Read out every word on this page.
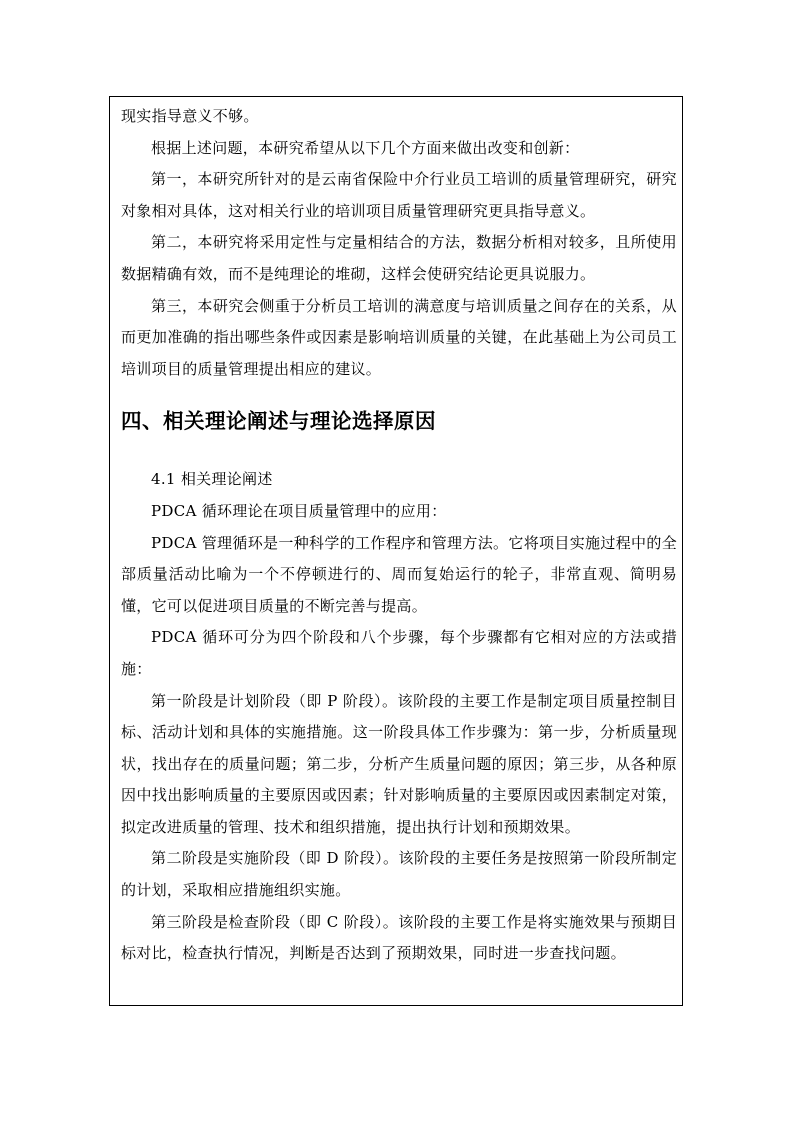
现实指导意义不够。

根据上述问题，本研究希望从以下几个方面来做出改变和创新：

第一，本研究所针对的是云南省保险中介行业员工培训的质量管理研究，研究对象相对具体，这对相关行业的培训项目质量管理研究更具指导意义。

第二，本研究将采用定性与定量相结合的方法，数据分析相对较多，且所使用数据精确有效，而不是纯理论的堆砌，这样会使研究结论更具说服力。

第三，本研究会侧重于分析员工培训的满意度与培训质量之间存在的关系，从而更加准确的指出哪些条件或因素是影响培训质量的关键，在此基础上为公司员工培训项目的质量管理提出相应的建议。

四、相关理论阐述与理论选择原因

4.1 相关理论阐述

PDCA 循环理论在项目质量管理中的应用：

PDCA 管理循环是一种科学的工作程序和管理方法。它将项目实施过程中的全部质量活动比喻为一个不停顿进行的、周而复始运行的轮子，非常直观、简明易懂，它可以促进项目质量的不断完善与提高。

PDCA 循环可分为四个阶段和八个步骤，每个步骤都有它相对应的方法或措施：

第一阶段是计划阶段（即 P 阶段）。该阶段的主要工作是制定项目质量控制目标、活动计划和具体的实施措施。这一阶段具体工作步骤为：第一步，分析质量现状，找出存在的质量问题；第二步，分析产生质量问题的原因；第三步，从各种原因中找出影响质量的主要原因或因素；针对影响质量的主要原因或因素制定对策，拟定改进质量的管理、技术和组织措施，提出执行计划和预期效果。

第二阶段是实施阶段（即 D 阶段）。该阶段的主要任务是按照第一阶段所制定的计划，采取相应措施组织实施。

第三阶段是检查阶段（即 C 阶段）。该阶段的主要工作是将实施效果与预期目标对比，检查执行情况，判断是否达到了预期效果，同时进一步查找问题。
